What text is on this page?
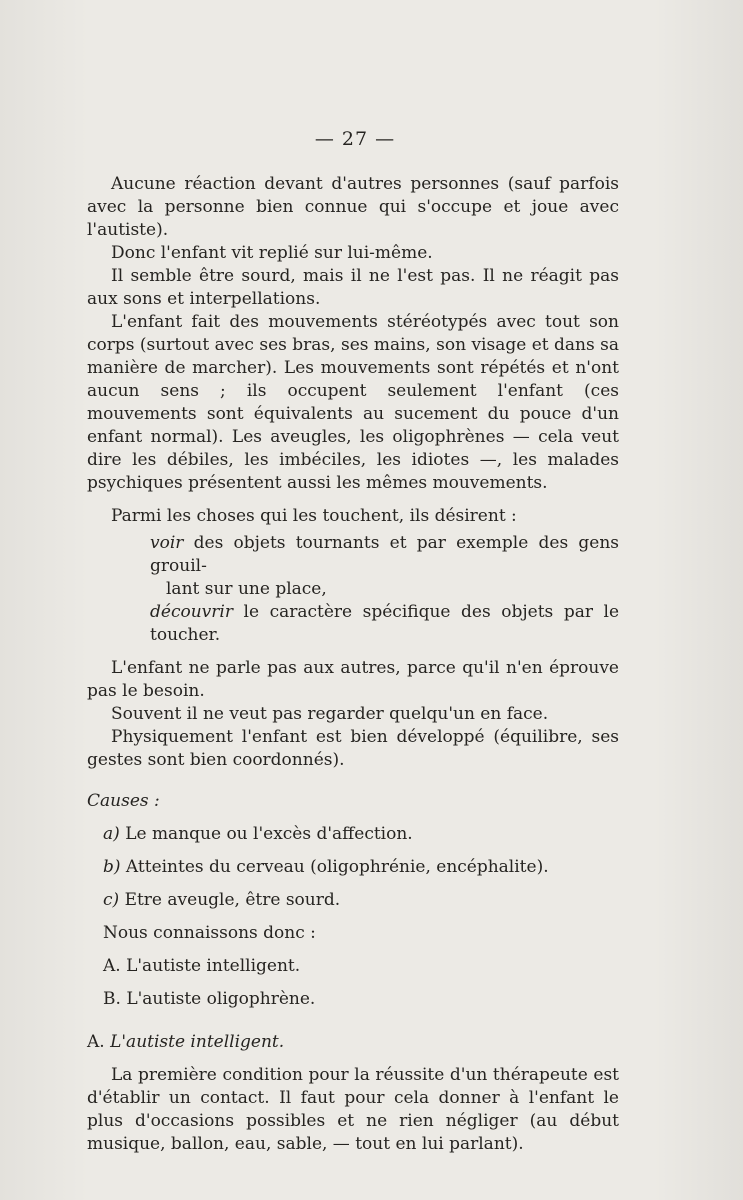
— 27 —

Aucune réaction devant d'autres personnes (sauf parfois avec la personne bien connue qui s'occupe et joue avec l'autiste).

Donc l'enfant vit replié sur lui-même.

Il semble être sourd, mais il ne l'est pas. Il ne réagit pas aux sons et interpellations.

L'enfant fait des mouvements stéréotypés avec tout son corps (surtout avec ses bras, ses mains, son visage et dans sa manière de marcher). Les mouvements sont répétés et n'ont aucun sens ; ils occupent seulement l'enfant (ces mouvements sont équivalents au sucement du pouce d'un enfant normal). Les aveugles, les oligophrènes — cela veut dire les débiles, les imbéciles, les idiotes —, les malades psychiques présentent aussi les mêmes mouvements.

Parmi les choses qui les touchent, ils désirent :

voir des objets tournants et par exemple des gens grouil-

lant sur une place,

découvrir le caractère spécifique des objets par le toucher.

L'enfant ne parle pas aux autres, parce qu'il n'en éprouve pas le besoin.

Souvent il ne veut pas regarder quelqu'un en face.

Physiquement l'enfant est bien développé (équilibre, ses gestes sont bien coordonnés).

Causes :

a) Le manque ou l'excès d'affection.

b) Atteintes du cerveau (oligophrénie, encéphalite).

c) Etre aveugle, être sourd.

Nous connaissons donc :

A. L'autiste intelligent.

B. L'autiste oligophrène.

A. L'autiste intelligent.

La première condition pour la réussite d'un thérapeute est d'établir un contact. Il faut pour cela donner à l'enfant le plus d'occasions possibles et ne rien négliger (au début musique, ballon, eau, sable, — tout en lui parlant).
